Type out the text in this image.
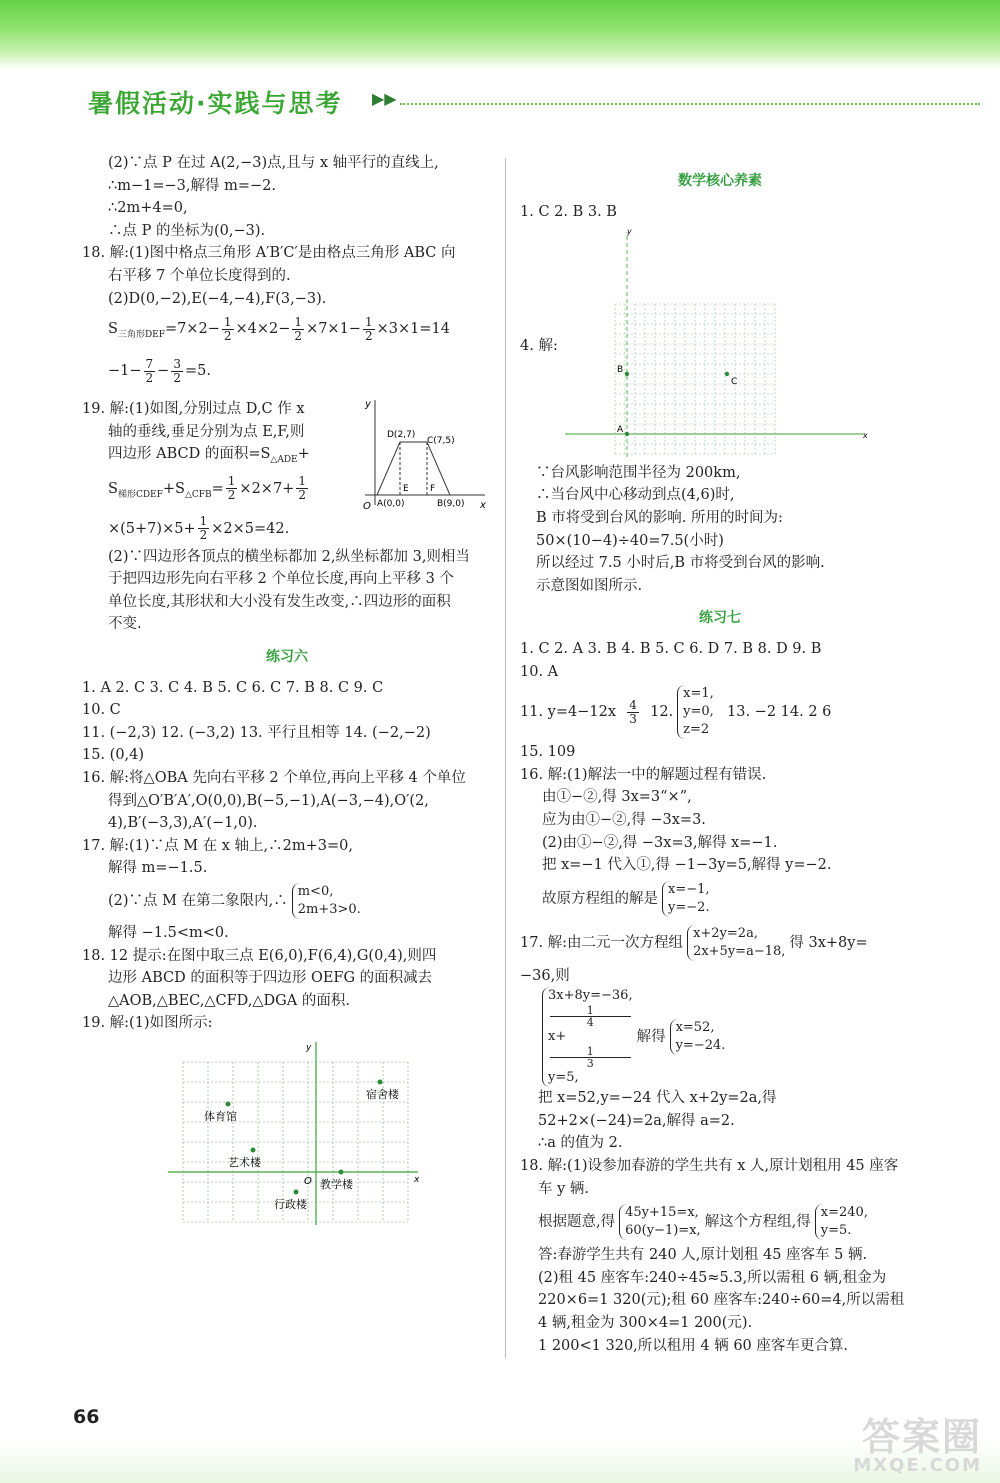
暑假活动·实践与思考 ▶▶

(2)∵点 P 在过 A(2,−3)点,且与 x 轴平行的直线上,

∴m−1=−3,解得 m=−2.

∴2m+4=0,

∴点 P 的坐标为(0,−3).

18. 解:(1)图中格点三角形 A′B′C′是由格点三角形 ABC 向

右平移 7 个单位长度得到的.

(2)D(0,−2),E(−4,−4),F(3,−3).

$S_{三角形DEF}=7\times 2- \frac{1}{2} \times 4\times 2- \frac{1}{2} \times 7\times 1- \frac{1}{2} \times 3\times 1=14$

$-1- \frac{7}{2} - \frac{3}{2} =5$.

19. 解:(1)如图,分别过点 D,C 作 x

轴的垂线,垂足分别为点 E,F,则

四边形 ABCD 的面积$=S_{\triangle ADE}+$

$S_{梯形CDEF}+S_{\triangle CFB}= \frac{1}{2} \times 2\times 7+ \frac{1}{2}$

$\times(5+7)\times 5+ \frac{1}{2} \times 2\times 5=42$.

(2)∵四边形各顶点的横坐标都加 2,纵坐标都加 3,则相当

于把四边形先向右平移 2 个单位长度,再向上平移 3 个

单位长度,其形状和大小没有发生改变,∴四边形的面积

不变.

练习六

1. A 2. C 3. C 4. B 5. C 6. C 7. B 8. C 9. C

10. C

11. (−2,3) 12. (−3,2) 13. 平行且相等 14. (−2,−2)

15. (0,4)

16. 解:将△OBA 先向右平移 2 个单位,再向上平移 4 个单位

得到△O′B′A′,O(0,0),B(−5,−1),A(−3,−4),O′(2,

4),B′(−3,3),A′(−1,0).

17. 解:(1)∵点 M 在 x 轴上,∴2m+3=0,

解得 m=−1.5.

(2)∵点 M 在第二象限内,∴
m<0,
2m+3>0.

解得 −1.5<m<0.

18. 12 提示:在图中取三点 E(6,0),F(6,4),G(0,4),则四

边形 ABCD 的面积等于四边形 OEFG 的面积减去

△AOB,△BEC,△CFD,△DGA 的面积.

19. 解:(1)如图所示:

y
x
O
D(2,7)
C(7,5)
A(0,0)	B(9,0)
E F
y
x
O
宿舍楼
体育馆
艺术楼
教学楼
行政楼

数学核心养素

1. C 2. B 3. B

4. 解:

∵台风影响范围半径为 200km,

∴当台风中心移动到点(4,6)时,

B 市将受到台风的影响. 所用的时间为:

50×(10−4)÷40=7.5(小时)

所以经过 7.5 小时后,B 市将受到台风的影响.

示意图如图所示.

练习七

1. C 2. A 3. B 4. B 5. C 6. D 7. B 8. D 9. B

10. A

11. $y=4-12x \frac{4}{3} 12$.
x=1,
y=0,
z=2
13. −2 14. 2 6

15. 109

16. 解:(1)解法一中的解题过程有错误.

由①−②,得 3x=3“×”,

应为由①−②,得 −3x=3.

(2)由①−②,得 −3x=3,解得 x=−1.

把 x=−1 代入①,得 −1−3y=5,解得 y=−2.

故原方程组的解是
x=−1,
y=−2.

17. 解:由二元一次方程组
x+2y=2a,
2x+5y=a−18,
得 3x+8y=

−36,则

3x+8y=−36,
1
4
x+
1
3
y=5,
解得
x=52,
y=−24.

把 x=52,y=−24 代入 x+2y=2a,得

52+2×(−24)=2a,解得 a=2.

∴a 的值为 2.

18. 解:(1)设参加春游的学生共有 x 人,原计划租用 45 座客

车 y 辆.

根据题意,得
45y+15=x,
60(y−1)=x,
解这个方程组,得
x=240,
y=5.

答:春游学生共有 240 人,原计划租 45 座客车 5 辆.

(2)租 45 座客车:240÷45≈5.3,所以需租 6 辆,租金为

220×6=1 320(元);租 60 座客车:240÷60=4,所以需租

4 辆,租金为 300×4=1 200(元).

1 200<1 320,所以租用 4 辆 60 座客车更合算.

y
x
B
C
A
66	答案圈
MXQE.COM
